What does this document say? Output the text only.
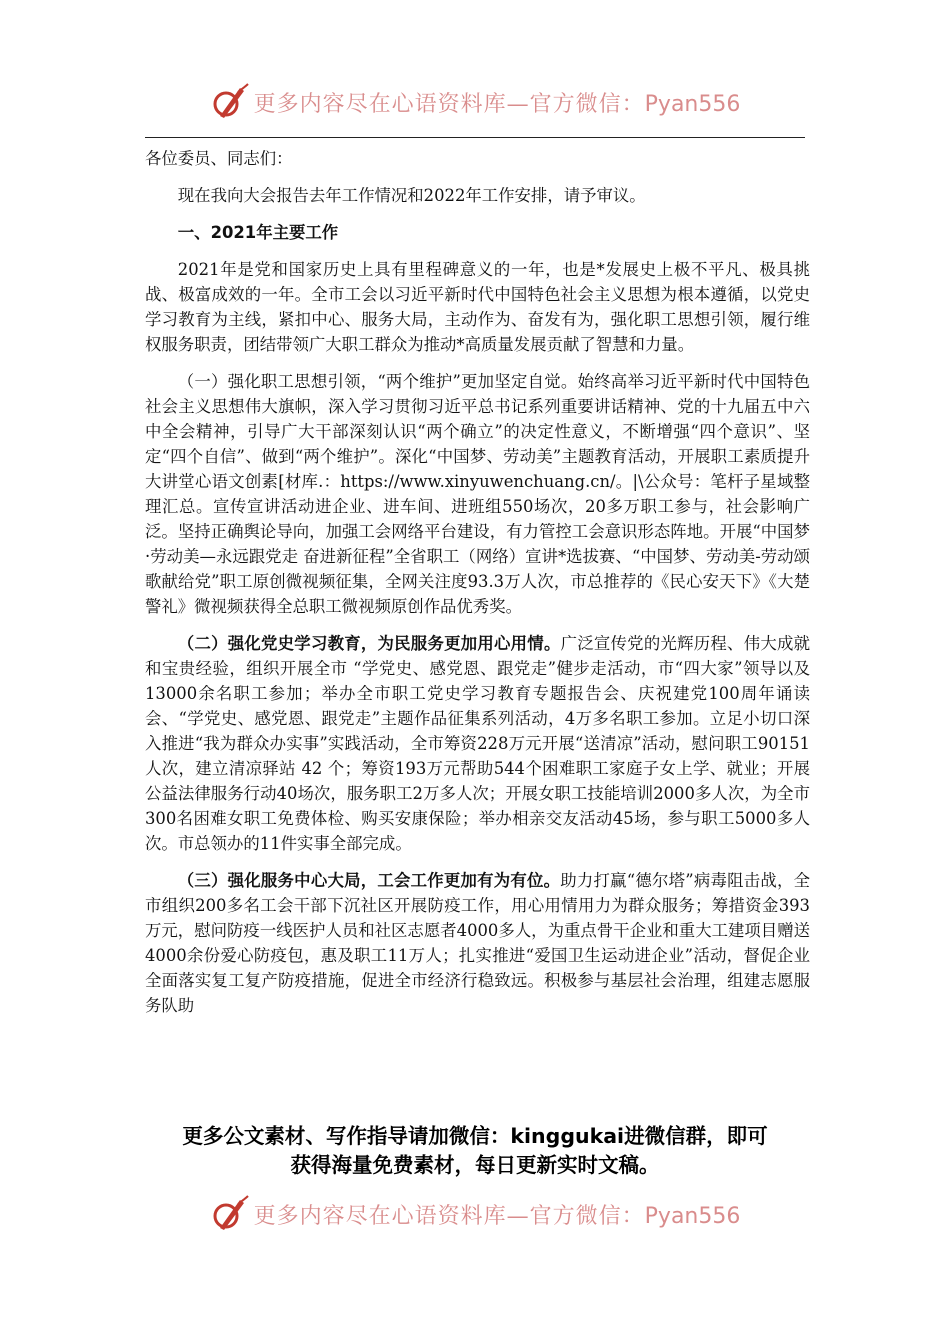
更多内容尽在心语资料库—官方微信：Pyan556

各位委员、同志们：

现在我向大会报告去年工作情况和2022年工作安排，请予审议。

一、2021年主要工作

2021年是党和国家历史上具有里程碑意义的一年，也是*发展史上极不平凡、极具挑战、极富成效的一年。全市工会以习近平新时代中国特色社会主义思想为根本遵循，以党史学习教育为主线，紧扣中心、服务大局，主动作为、奋发有为，强化职工思想引领，履行维权服务职责，团结带领广大职工群众为推动*高质量发展贡献了智慧和力量。

（一）强化职工思想引领，“两个维护”更加坚定自觉。始终高举习近平新时代中国特色社会主义思想伟大旗帜，深入学习贯彻习近平总书记系列重要讲话精神、党的十九届五中六中全会精神，引导广大干部深刻认识“两个确立”的决定性意义，不断增强“四个意识”、坚定“四个自信”、做到“两个维护”。深化“中国梦、劳动美”主题教育活动，开展职工素质提升大讲堂心语文创素[材库.：https://www.xinyuwenchuang.cn/。|\公众号：笔杆子星域整理汇总。宣传宣讲活动进企业、进车间、进班组550场次，20多万职工参与，社会影响广泛。坚持正确舆论导向，加强工会网络平台建设，有力管控工会意识形态阵地。开展“中国梦·劳动美—永远跟党走 奋进新征程”全省职工（网络）宣讲*选拔赛、“中国梦、劳动美-劳动颂歌献给党”职工原创微视频征集，全网关注度93.3万人次，市总推荐的《民心安天下》《大楚警礼》微视频获得全总职工微视频原创作品优秀奖。

（二）强化党史学习教育，为民服务更加用心用情。广泛宣传党的光辉历程、伟大成就和宝贵经验，组织开展全市 “学党史、感党恩、跟党走”健步走活动，市“四大家”领导以及13000余名职工参加；举办全市职工党史学习教育专题报告会、庆祝建党100周年诵读会、“学党史、感党恩、跟党走”主题作品征集系列活动，4万多名职工参加。立足小切口深入推进“我为群众办实事”实践活动，全市筹资228万元开展“送清凉”活动，慰问职工90151人次，建立清凉驿站 42 个；筹资193万元帮助544个困难职工家庭子女上学、就业；开展公益法律服务行动40场次，服务职工2万多人次；开展女职工技能培训2000多人次，为全市300名困难女职工免费体检、购买安康保险；举办相亲交友活动45场，参与职工5000多人次。市总领办的11件实事全部完成。

（三）强化服务中心大局，工会工作更加有为有位。助力打赢“德尔塔”病毒阻击战，全市组织200多名工会干部下沉社区开展防疫工作，用心用情用力为群众服务；筹措资金393万元，慰问防疫一线医护人员和社区志愿者4000多人，为重点骨干企业和重大工建项目赠送4000余份爱心防疫包，惠及职工11万人；扎实推进“爱国卫生运动进企业”活动，督促企业全面落实复工复产防疫措施，促进全市经济行稳致远。积极参与基层社会治理，组建志愿服务队助

更多公文素材、写作指导请加微信：kinggukai进微信群，即可
获得海量免费素材，每日更新实时文稿。
更多内容尽在心语资料库—官方微信：Pyan556
